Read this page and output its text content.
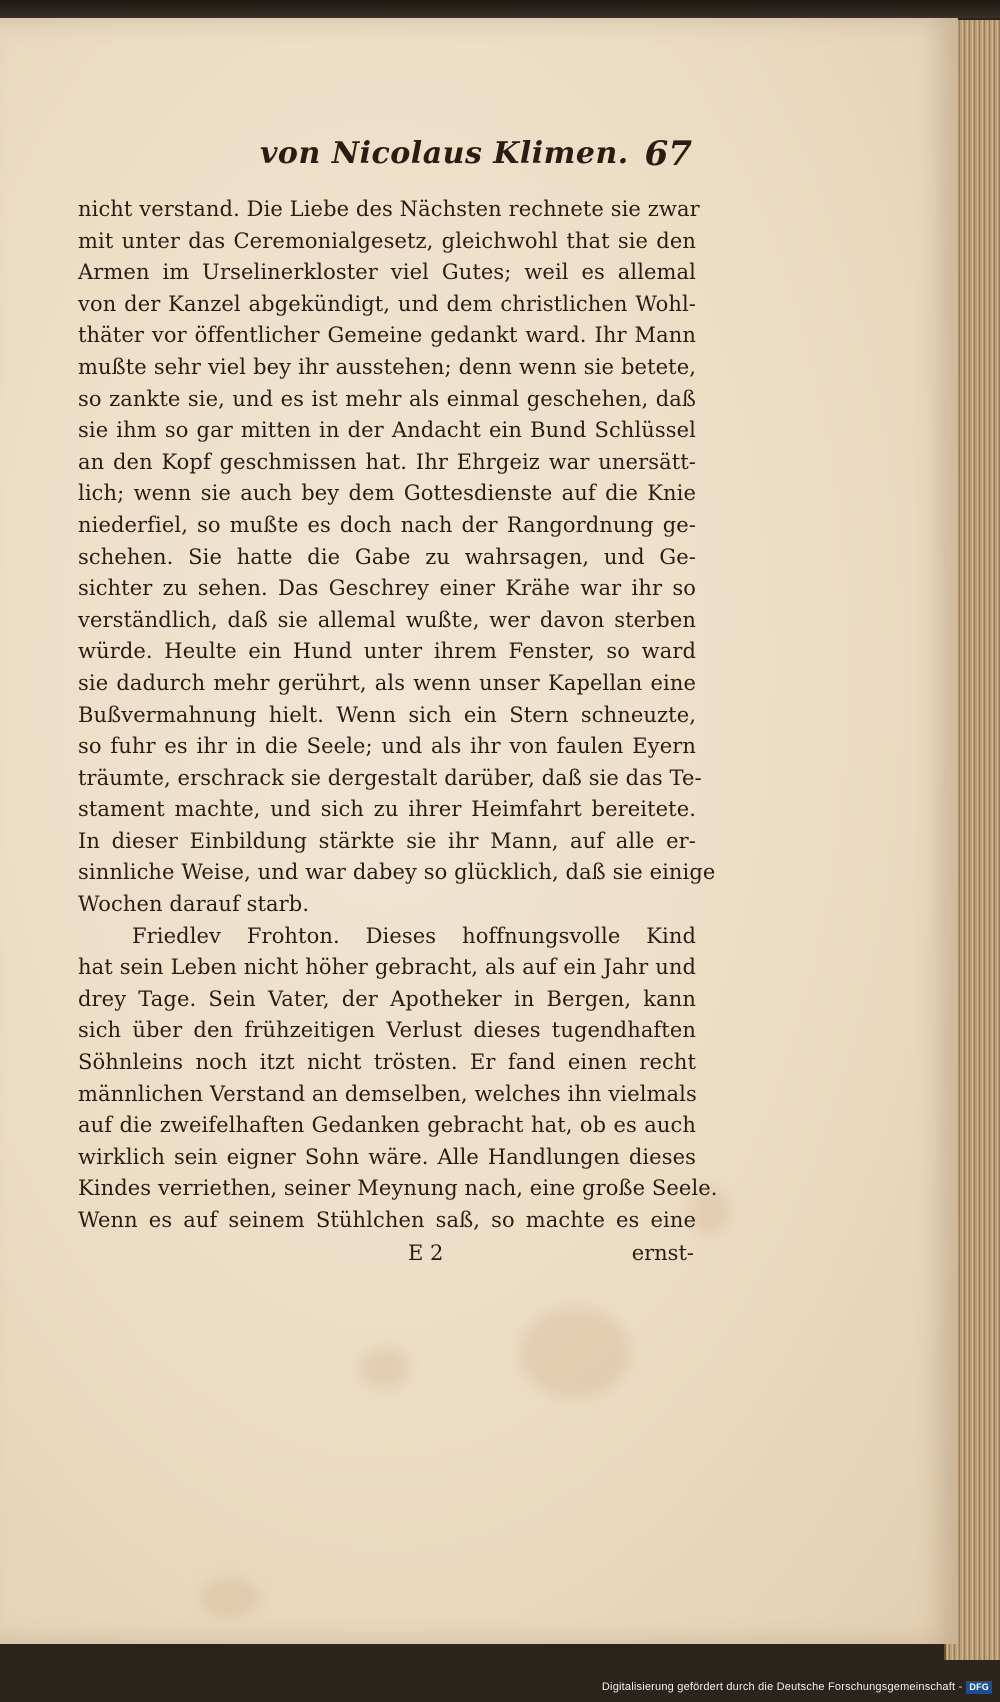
von Nicolaus Klimen. 67
nicht verstand. Die Liebe des Nächsten rechnete sie zwar
mit unter das Ceremonialgesetz, gleichwohl that sie den
Armen im Urselinerkloster viel Gutes; weil es allemal
von der Kanzel abgekündigt, und dem christlichen Wohl-
thäter vor öffentlicher Gemeine gedankt ward. Ihr Mann
mußte sehr viel bey ihr ausstehen; denn wenn sie betete,
so zankte sie, und es ist mehr als einmal geschehen, daß
sie ihm so gar mitten in der Andacht ein Bund Schlüssel
an den Kopf geschmissen hat. Ihr Ehrgeiz war unersätt-
lich; wenn sie auch bey dem Gottesdienste auf die Knie
niederfiel, so mußte es doch nach der Rangordnung ge-
schehen. Sie hatte die Gabe zu wahrsagen, und Ge-
sichter zu sehen. Das Geschrey einer Krähe war ihr so
verständlich, daß sie allemal wußte, wer davon sterben
würde. Heulte ein Hund unter ihrem Fenster, so ward
sie dadurch mehr gerührt, als wenn unser Kapellan eine
Bußvermahnung hielt. Wenn sich ein Stern schneuzte,
so fuhr es ihr in die Seele; und als ihr von faulen Eyern
träumte, erschrack sie dergestalt darüber, daß sie das Te-
stament machte, und sich zu ihrer Heimfahrt bereitete.
In dieser Einbildung stärkte sie ihr Mann, auf alle er-
sinnliche Weise, und war dabey so glücklich, daß sie einige
Wochen darauf starb.
Friedlev Frohton. Dieses hoffnungsvolle Kind
hat sein Leben nicht höher gebracht, als auf ein Jahr und
drey Tage. Sein Vater, der Apotheker in Bergen, kann
sich über den frühzeitigen Verlust dieses tugendhaften
Söhnleins noch itzt nicht trösten. Er fand einen recht
männlichen Verstand an demselben, welches ihn vielmals
auf die zweifelhaften Gedanken gebracht hat, ob es auch
wirklich sein eigner Sohn wäre. Alle Handlungen dieses
Kindes verriethen, seiner Meynung nach, eine große Seele.
Wenn es auf seinem Stühlchen saß, so machte es eine
E 2	ernst-
Digitalisierung gefördert durch die Deutsche Forschungsgemeinschaft - DFG
